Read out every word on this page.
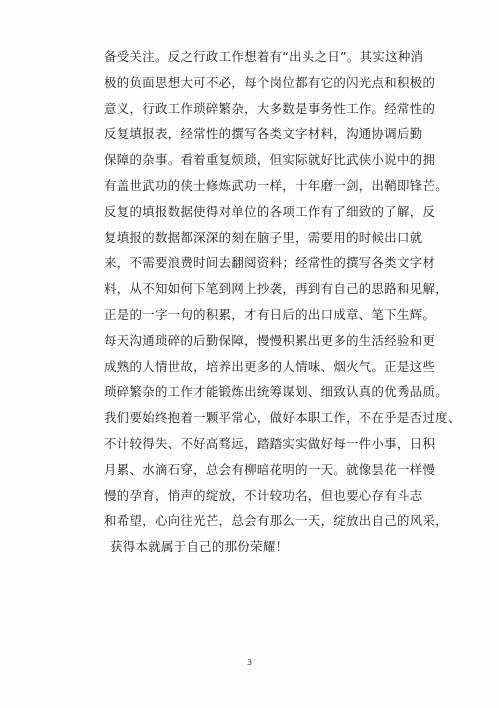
备受关注。反之行政工作想着有“出头之日”。其实这种消
极的负面思想大可不必，每个岗位都有它的闪光点和积极的
意义，行政工作琐碎繁杂，大多数是事务性工作。经常性的
反复填报表，经常性的撰写各类文字材料，沟通协调后勤
保障的杂事。看着重复烦琐，但实际就好比武侠小说中的拥
有盖世武功的侠士修炼武功一样，十年磨一剑，出鞘即锋芒。
反复的填报数据使得对单位的各项工作有了细致的了解，反
复填报的数据都深深的刻在脑子里，需要用的时候出口就
来，不需要浪费时间去翻阅资料；经常性的撰写各类文字材
料，从不知如何下笔到网上抄袭，再到有自己的思路和见解，
正是的一字一句的积累，才有日后的出口成章、笔下生辉。
每天沟通琐碎的后勤保障，慢慢积累出更多的生活经验和更
成熟的人情世故，培养出更多的人情味、烟火气。正是这些
琐碎繁杂的工作才能锻炼出统筹谋划、细致认真的优秀品质。
我们要始终抱着一颗平常心，做好本职工作，不在乎是否过度、
不计较得失、不好高骛远，踏踏实实做好每一件小事，日积
月累、水滴石穿，总会有柳暗花明的一天。就像昙花一样慢
慢的孕育，悄声的绽放，不计较功名，但也要心存有斗志
和希望，心向往光芒，总会有那么一天，绽放出自己的风采，
获得本就属于自己的那份荣耀！
3
